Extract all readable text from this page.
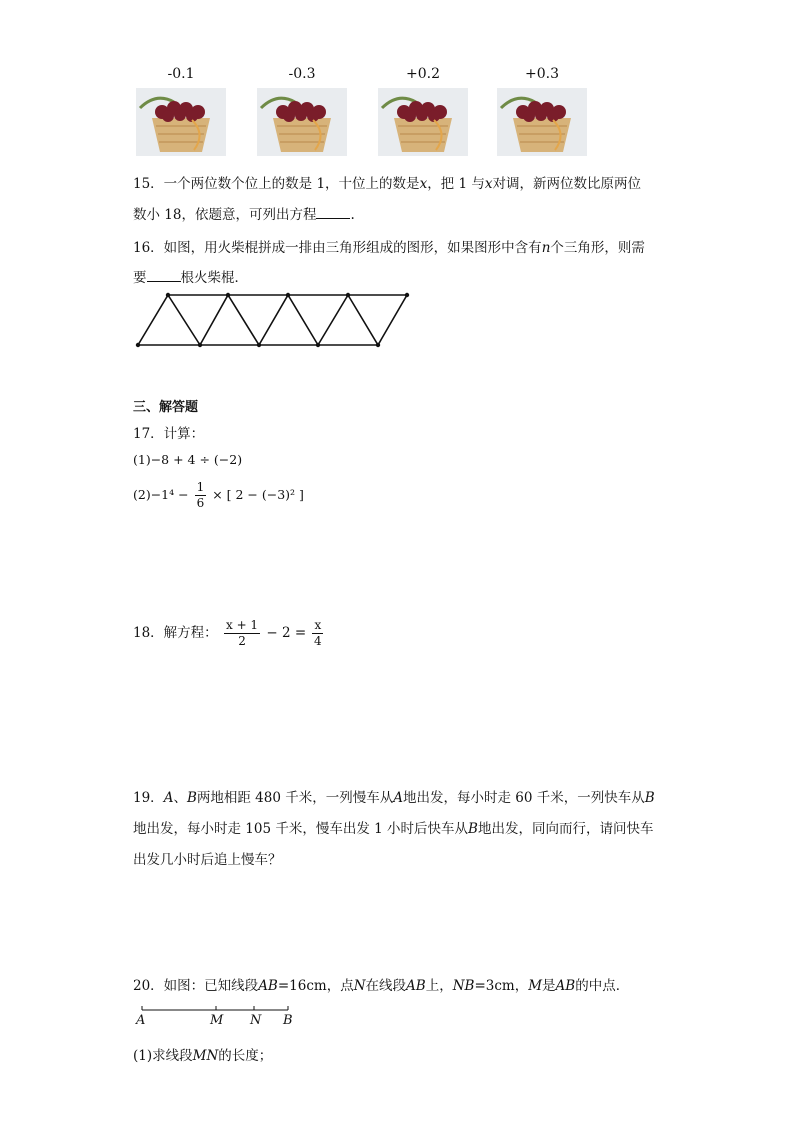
-0.1	-0.3	+0.2	+0.3
15．一个两位数个位上的数是 1，十位上的数是x，把 1 与x对调，新两位数比原两位
数小 18，依题意，可列出方程	.
16．如图，用火柴棍拼成一排由三角形组成的图形，如果图形中含有n个三角形，则需
要	根火柴棍．
三、解答题
17．计算：
(1)−8 + 4 ÷ (−2)
$(2)-1^4 - \frac{1}{6}$ × [ 2 − (−3)² ]
18．解方程： $\frac{x + 1}{2} - 2 = \frac{x}{4}$
19．A、B两地相距 480 千米，一列慢车从A地出发，每小时走 60 千米，一列快车从B
地出发，每小时走 105 千米，慢车出发 1 小时后快车从B地出发，同向而行，请问快车
出发几小时后追上慢车？
20．如图：已知线段AB=16cm，点N在线段AB上，NB=3cm，M是AB的中点．
A	M N B
(1)求线段MN的长度；
